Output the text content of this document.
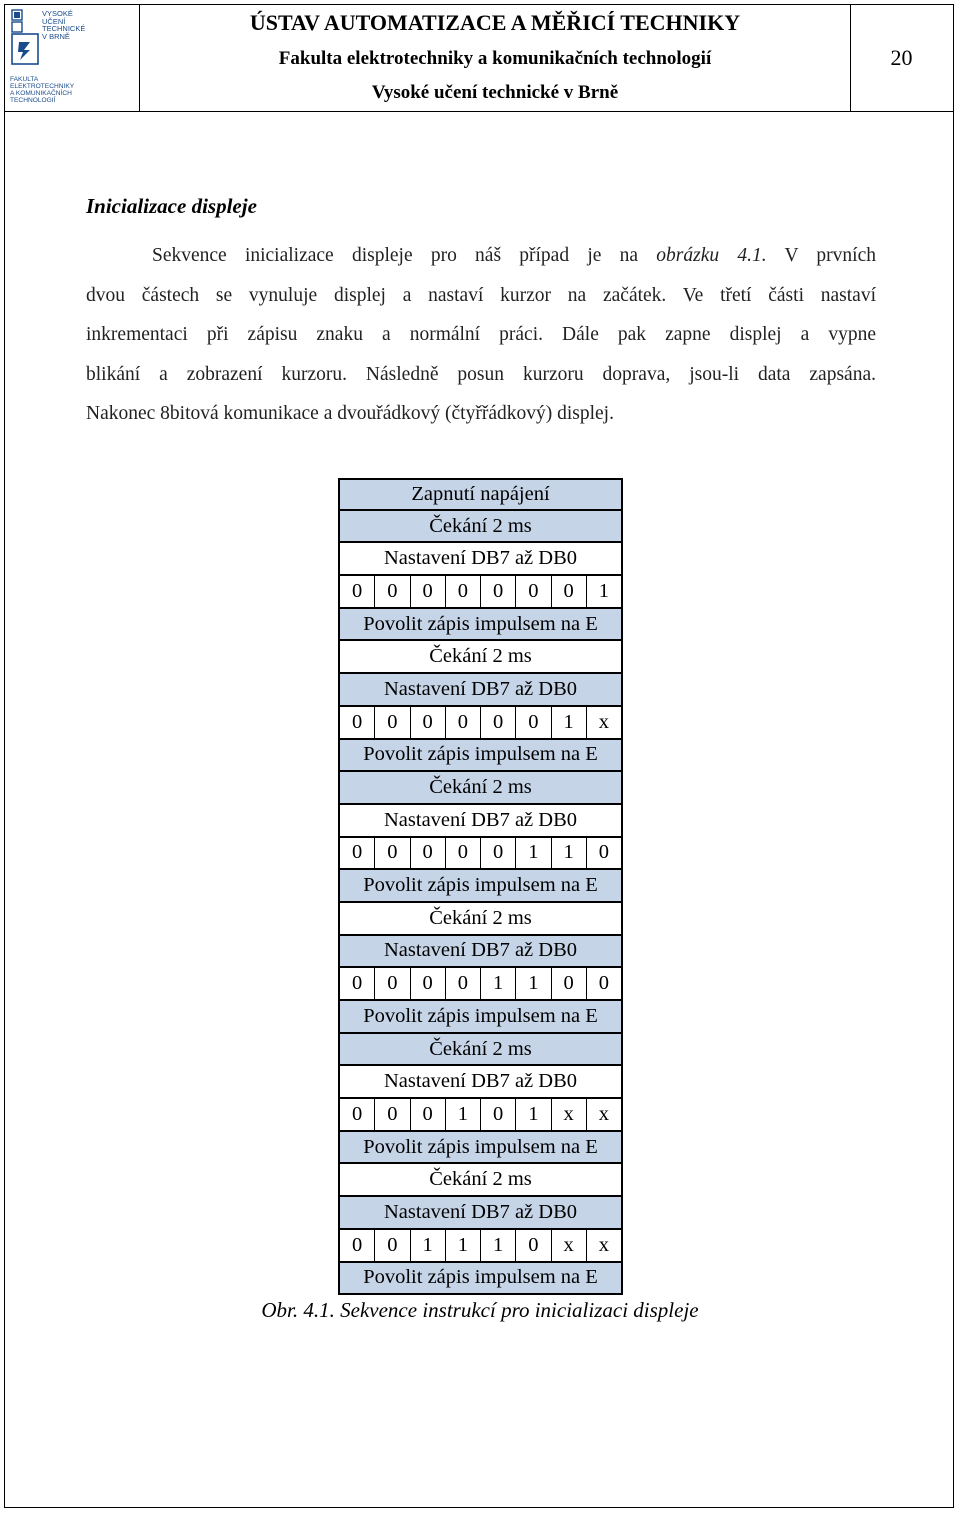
VYSOKÉ
UČENÍ
TECHNICKÉ
V BRNĚ
FAKULTA
ELEKTROTECHNIKY
A KOMUNIKAČNÍCH
TECHNOLOGIÍ
ÚSTAV AUTOMATIZACE A MĚŘICÍ TECHNIKY
Fakulta elektrotechniky a komunikačních technologií
Vysoké učení technické v Brně
20
Inicializace displeje
Sekvence inicializace displeje pro náš případ je na obrázku 4.1. V prvních
dvou částech se vynuluje displej a nastaví kurzor na začátek. Ve třetí části nastaví
inkrementaci při zápisu znaku a normální práci. Dále pak zapne displej a vypne
blikání a zobrazení kurzoru. Následně posun kurzoru doprava, jsou-li data zapsána.
Nakonec 8bitová komunikace a dvouřádkový (čtyřřádkový) displej.
Zapnutí napájení
Čekání 2 ms
Nastavení DB7 až DB0
0	0	0	0	0	0	0	1
Povolit zápis impulsem na E
Čekání 2 ms
Nastavení DB7 až DB0
0	0	0	0	0	0	1	x
Povolit zápis impulsem na E
Čekání 2 ms
Nastavení DB7 až DB0
0	0	0	0	0	1	1	0
Povolit zápis impulsem na E
Čekání 2 ms
Nastavení DB7 až DB0
0	0	0	0	1	1	0	0
Povolit zápis impulsem na E
Čekání 2 ms
Nastavení DB7 až DB0
0	0	0	1	0	1	x	x
Povolit zápis impulsem na E
Čekání 2 ms
Nastavení DB7 až DB0
0	0	1	1	1	0	x	x
Povolit zápis impulsem na E
Obr. 4.1. Sekvence instrukcí pro inicializaci displeje
